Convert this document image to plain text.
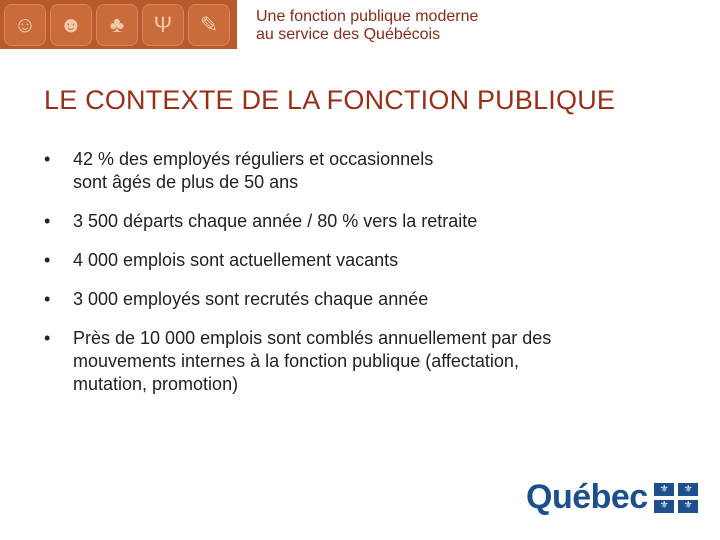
☺	☻	♣	Ψ	✎	Une fonction publique moderne
au service des Québécois
LE CONTEXTE DE LA FONCTION PUBLIQUE
• 42 % des employés réguliers et occasionnels
sont âgés de plus de 50 ans
• 3 500 départs chaque année / 80 % vers la retraite
• 4 000 emplois sont actuellement vacants
• 3 000 employés sont recrutés chaque année
• Près de 10 000 emplois sont comblés annuellement par des
mouvements internes à la fonction publique (affectation,
mutation, promotion)
Québec ⚜ ⚜
⚜ ⚜
